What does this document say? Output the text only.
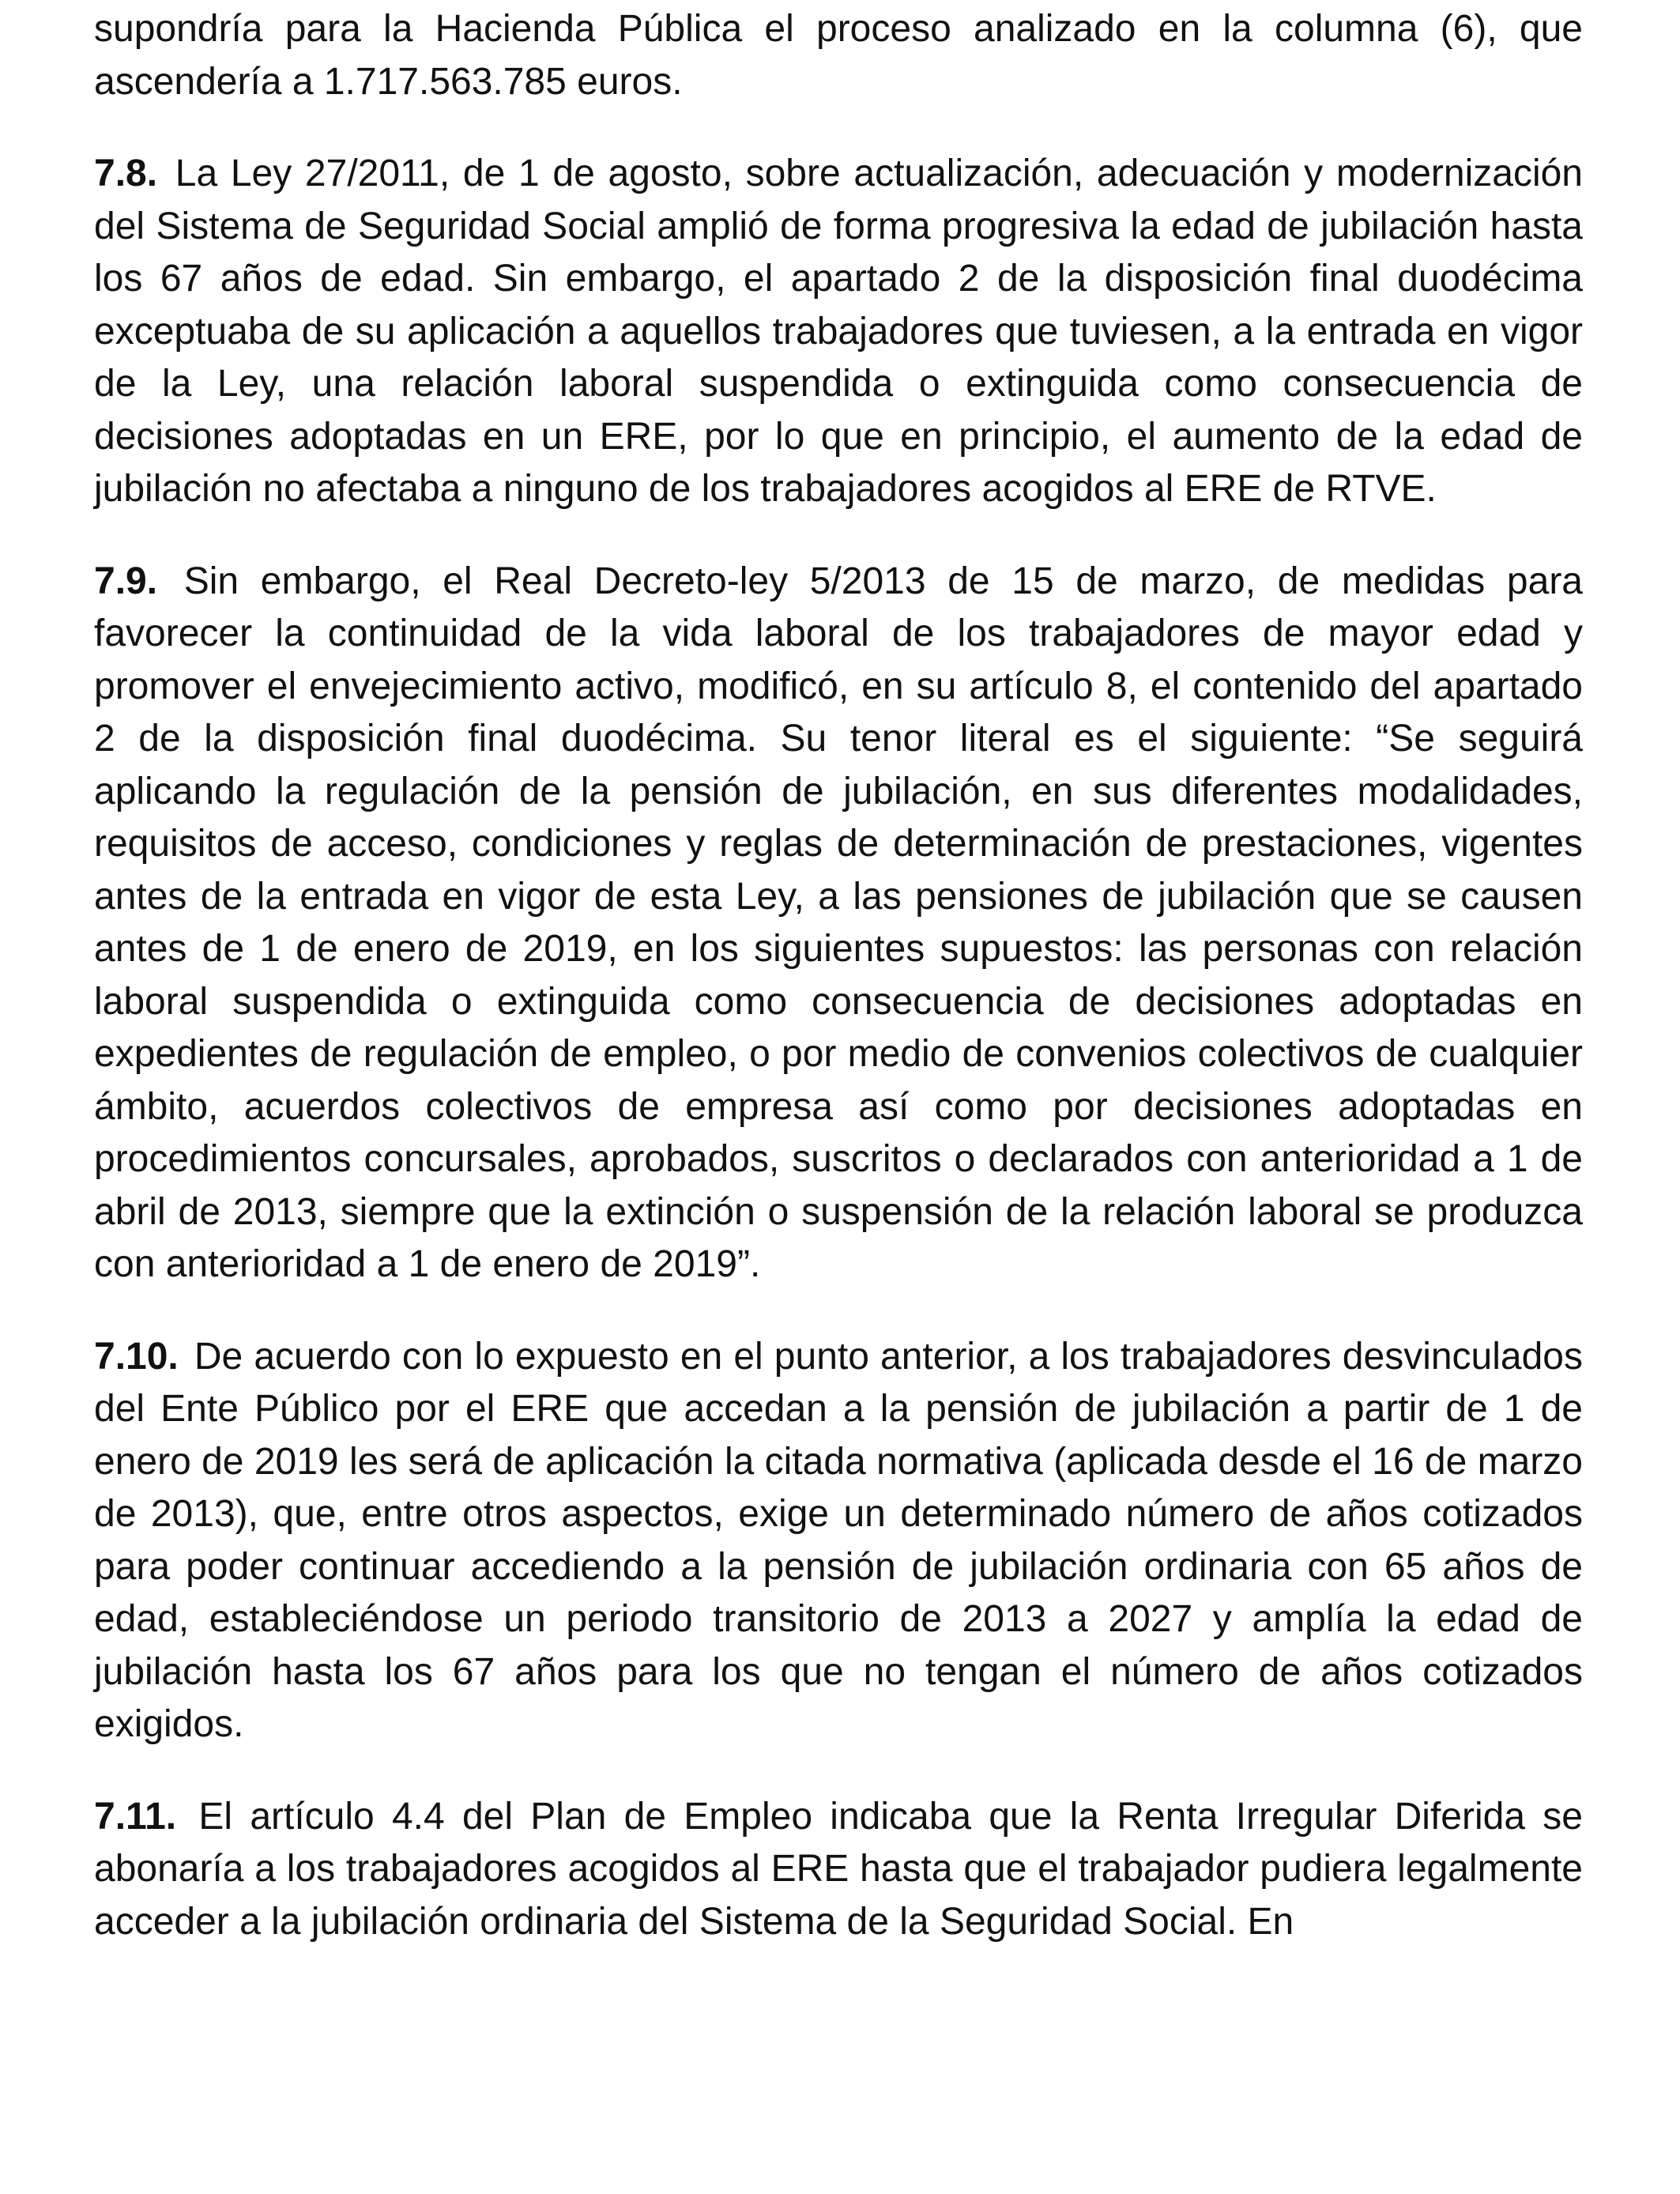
supondría para la Hacienda Pública el proceso analizado en la columna (6), que ascendería a 1.717.563.785 euros.

7.8. La Ley 27/2011, de 1 de agosto, sobre actualización, adecuación y modernización del Sistema de Seguridad Social amplió de forma progresiva la edad de jubilación hasta los 67 años de edad. Sin embargo, el apartado 2 de la disposición final duodécima exceptuaba de su aplicación a aquellos trabajadores que tuviesen, a la entrada en vigor de la Ley, una relación laboral suspendida o extinguida como consecuencia de decisiones adoptadas en un ERE, por lo que en principio, el aumento de la edad de jubilación no afectaba a ninguno de los trabajadores acogidos al ERE de RTVE.

7.9. Sin embargo, el Real Decreto-ley 5/2013 de 15 de marzo, de medidas para favorecer la continuidad de la vida laboral de los trabajadores de mayor edad y promover el envejecimiento activo, modificó, en su artículo 8, el contenido del apartado 2 de la disposición final duodécima. Su tenor literal es el siguiente: “Se seguirá aplicando la regulación de la pensión de jubilación, en sus diferentes modalidades, requisitos de acceso, condiciones y reglas de determinación de prestaciones, vigentes antes de la entrada en vigor de esta Ley, a las pensiones de jubilación que se causen antes de 1 de enero de 2019, en los siguientes supuestos: las personas con relación laboral suspendida o extinguida como consecuencia de decisiones adoptadas en expedientes de regulación de empleo, o por medio de convenios colectivos de cualquier ámbito, acuerdos colectivos de empresa así como por decisiones adoptadas en procedimientos concursales, aprobados, suscritos o declarados con anterioridad a 1 de abril de 2013, siempre que la extinción o suspensión de la relación laboral se produzca con anterioridad a 1 de enero de 2019”.

7.10. De acuerdo con lo expuesto en el punto anterior, a los trabajadores desvinculados del Ente Público por el ERE que accedan a la pensión de jubilación a partir de 1 de enero de 2019 les será de aplicación la citada normativa (aplicada desde el 16 de marzo de 2013), que, entre otros aspectos, exige un determinado número de años cotizados para poder continuar accediendo a la pensión de jubilación ordinaria con 65 años de edad, estableciéndose un periodo transitorio de 2013 a 2027 y amplía la edad de jubilación hasta los 67 años para los que no tengan el número de años cotizados exigidos.

7.11. El artículo 4.4 del Plan de Empleo indicaba que la Renta Irregular Diferida se abonaría a los trabajadores acogidos al ERE hasta que el trabajador pudiera legalmente acceder a la jubilación ordinaria del Sistema de la Seguridad Social. En
